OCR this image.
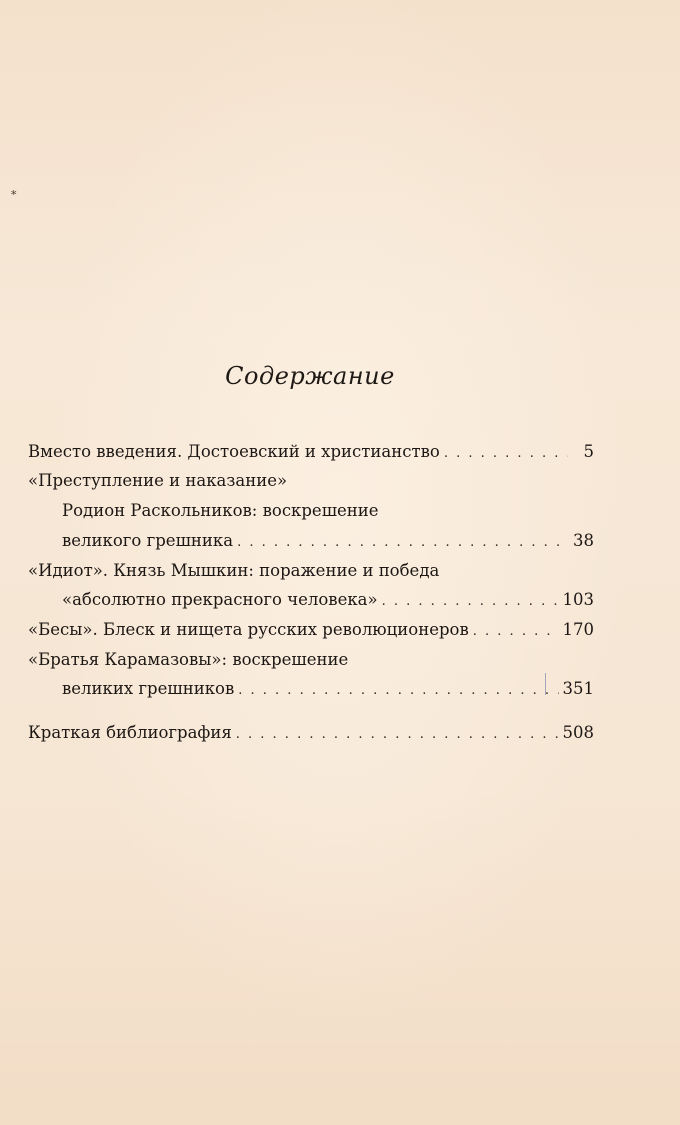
∗
Содержание
Вместо введения. Достоевский и христианство . . .	5
«Преступление и наказание»
Родион Раскольников: воскрешение
великого грешника . . .	38
«Идиот». Князь Мышкин: поражение и победа
«абсолютно прекрасного человека» . . .	103
«Бесы». Блеск и нищета русских революционеров . . .	170
«Братья Карамазовы»: воскрешение
великих грешников . . .	351
Краткая библиография . . .	508
